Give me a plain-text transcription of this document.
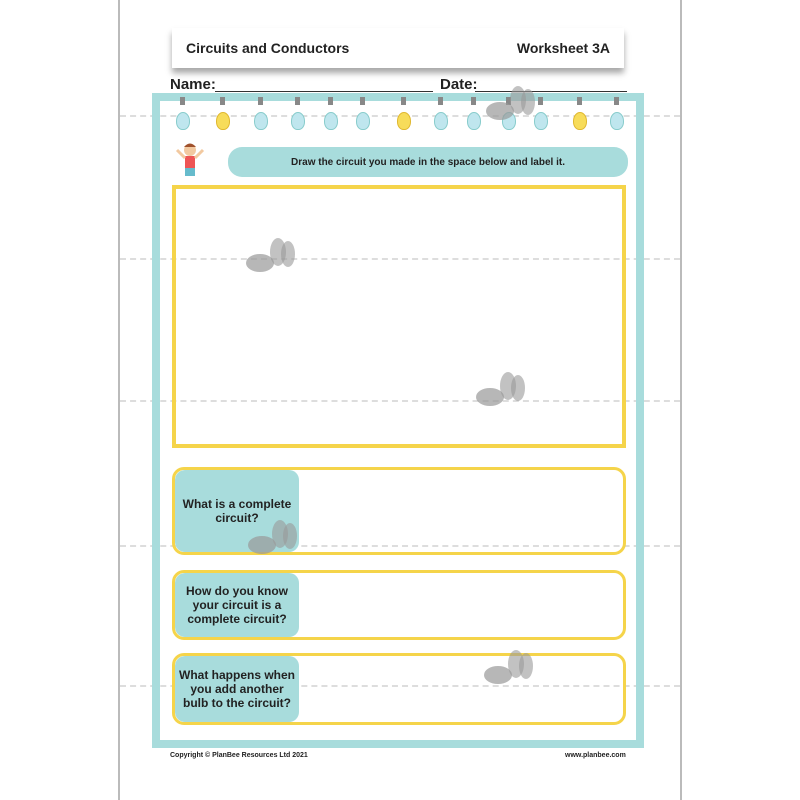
Circuits and Conductors	Worksheet 3A
Name:	Date:
Draw the circuit you made in the space below and label it.
What is a complete circuit?
How do you know your circuit is a complete circuit?
What happens when you add another bulb to the circuit?
Copyright © PlanBee Resources Ltd 2021	www.planbee.com
